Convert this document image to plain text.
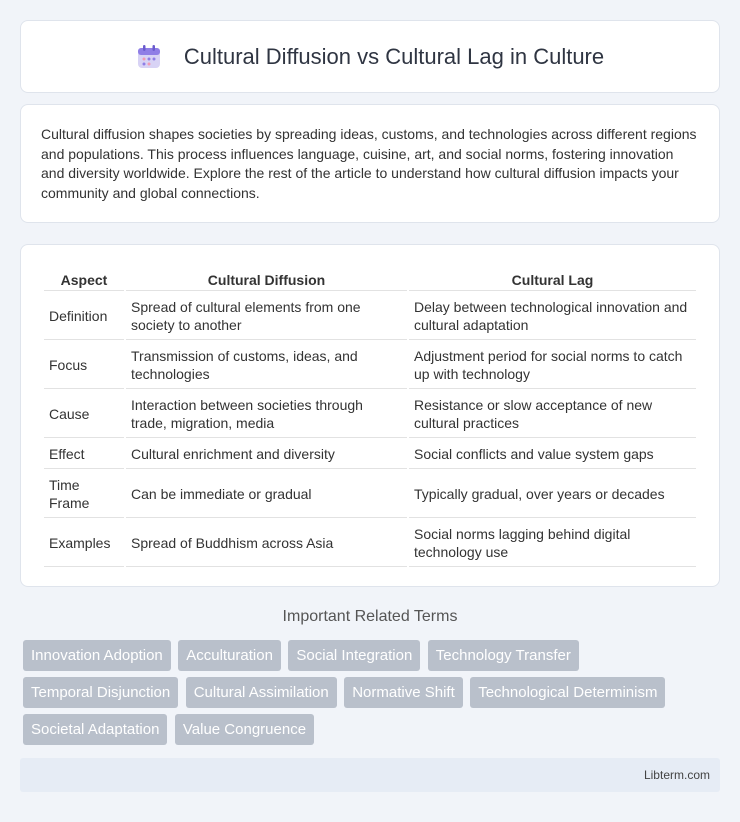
Cultural Diffusion vs Cultural Lag in Culture

Cultural diffusion shapes societies by spreading ideas, customs, and technologies across different regions and populations. This process influences language, cuisine, art, and social norms, fostering innovation and diversity worldwide. Explore the rest of the article to understand how cultural diffusion impacts your community and global connections.

Aspect	Cultural Diffusion	Cultural Lag
Definition	Spread of cultural elements from one society to another	Delay between technological innovation and cultural adaptation
Focus	Transmission of customs, ideas, and technologies	Adjustment period for social norms to catch up with technology
Cause	Interaction between societies through trade, migration, media	Resistance or slow acceptance of new cultural practices
Effect	Cultural enrichment and diversity	Social conflicts and value system gaps
Time Frame	Can be immediate or gradual	Typically gradual, over years or decades
Examples	Spread of Buddhism across Asia	Social norms lagging behind digital technology use
Important Related Terms
Innovation Adoption Acculturation Social Integration Technology Transfer
Temporal Disjunction Cultural Assimilation Normative Shift Technological Determinism
Societal Adaptation Value Congruence
Libterm.com
